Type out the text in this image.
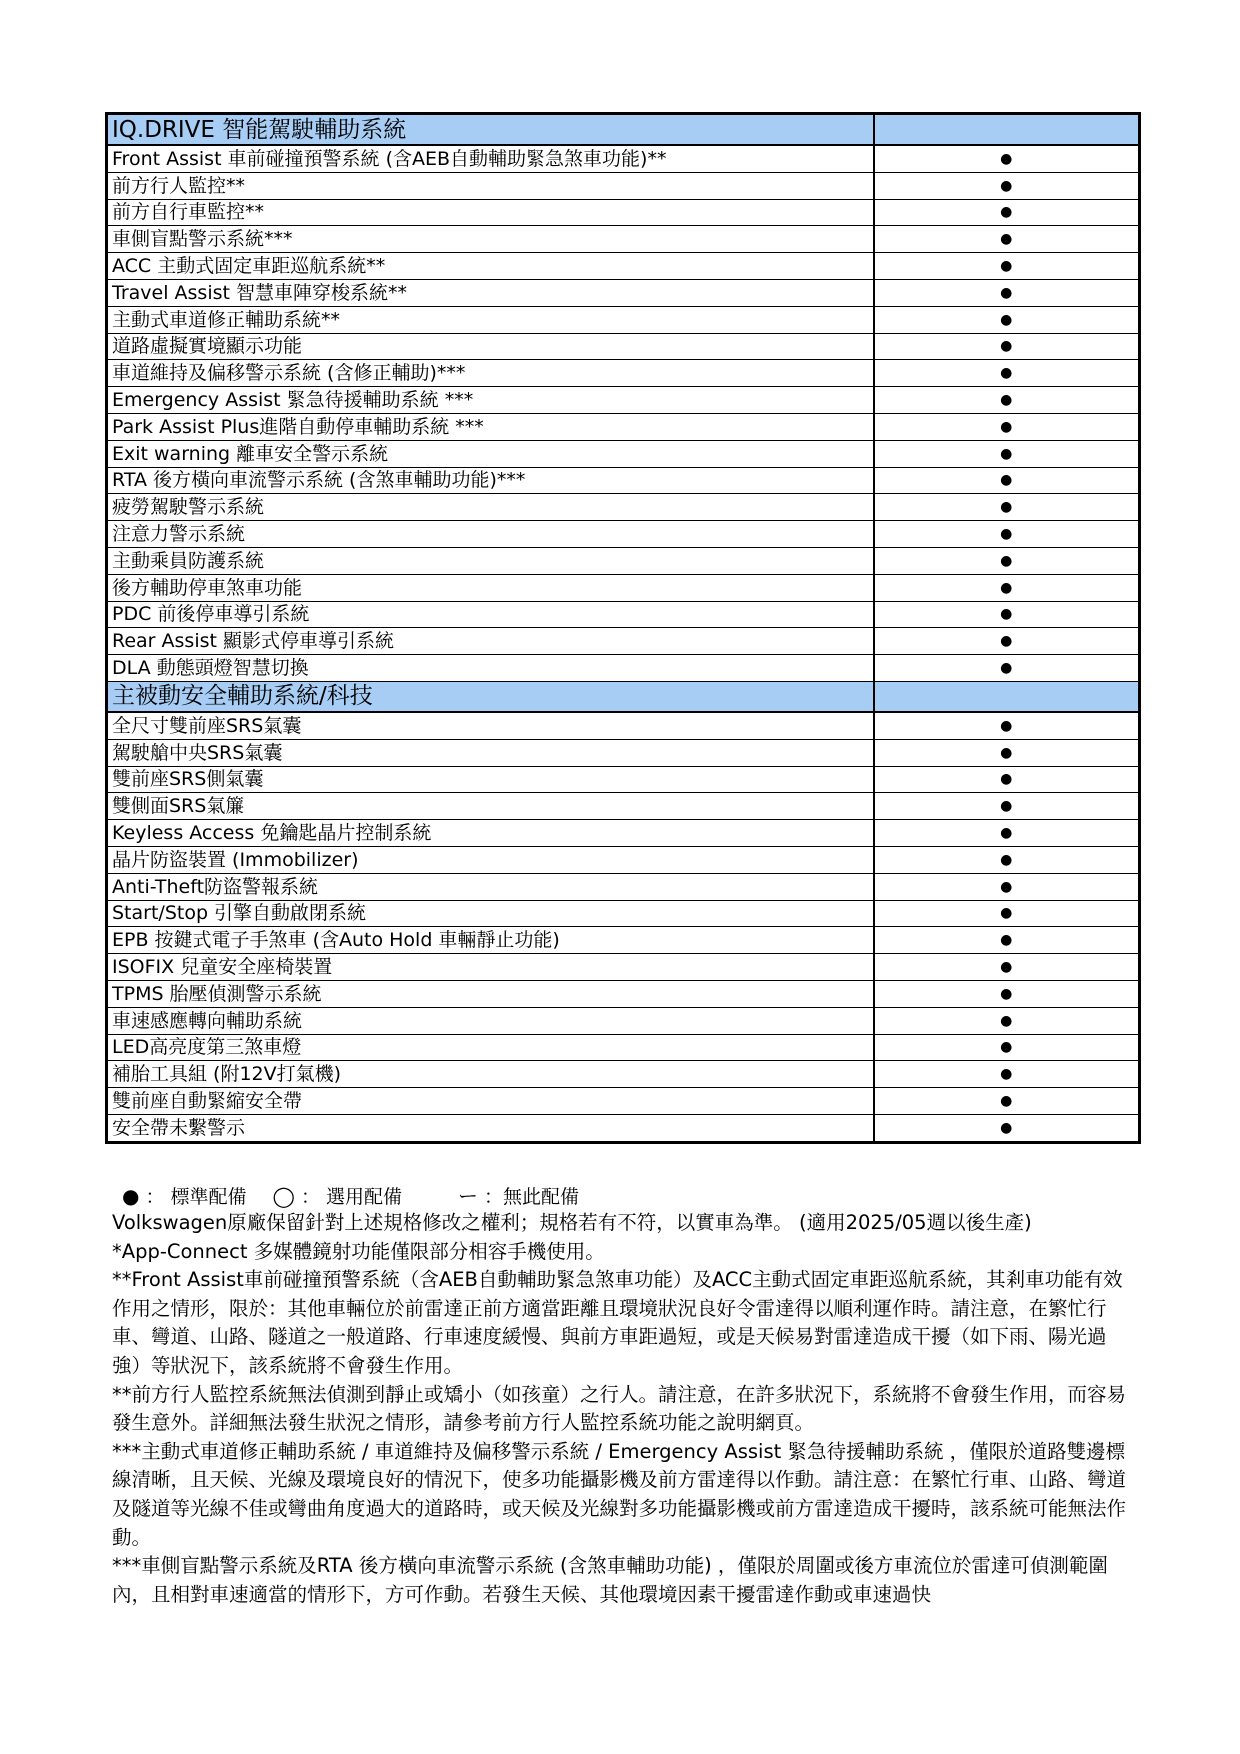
IQ.DRIVE 智能駕駛輔助系統	
Front Assist 車前碰撞預警系統 (含AEB自動輔助緊急煞車功能)**	●
前方行人監控**	●
前方自行車監控**	●
車側盲點警示系統***	●
ACC 主動式固定車距巡航系統**	●
Travel Assist 智慧車陣穿梭系統**	●
主動式車道修正輔助系統**	●
道路虛擬實境顯示功能	●
車道維持及偏移警示系統 (含修正輔助)***	●
Emergency Assist 緊急待援輔助系統 ***	●
Park Assist Plus進階自動停車輔助系統 ***	●
Exit warning 離車安全警示系統	●
RTA 後方橫向車流警示系統 (含煞車輔助功能)***	●
疲勞駕駛警示系統	●
注意力警示系統	●
主動乘員防護系統	●
後方輔助停車煞車功能	●
PDC 前後停車導引系統	●
Rear Assist 顯影式停車導引系統	●
DLA 動態頭燈智慧切換	●
主被動安全輔助系統/科技	
全尺寸雙前座SRS氣囊	●
駕駛艙中央SRS氣囊	●
雙前座SRS側氣囊	●
雙側面SRS氣簾	●
Keyless Access 免鑰匙晶片控制系統	●
晶片防盜裝置 (Immobilizer)	●
Anti-Theft防盜警報系統	●
Start/Stop 引擎自動啟閉系統	●
EPB 按鍵式電子手煞車 (含Auto Hold 車輛靜止功能)	●
ISOFIX 兒童安全座椅裝置	●
TPMS 胎壓偵測警示系統	●
車速感應轉向輔助系統	●
LED高亮度第三煞車燈	●
補胎工具組 (附12V打氣機)	●
雙前座自動緊縮安全帶	●
安全帶未繫警示	●
● ： 標準配備 ◯ ： 選用配備	ー ：無此配備

Volkswagen原廠保留針對上述規格修改之權利；規格若有不符，以實車為準。 (適用2025/05週以後生產)

*App-Connect 多媒體鏡射功能僅限部分相容手機使用。

**Front Assist車前碰撞預警系統（含AEB自動輔助緊急煞車功能）及ACC主動式固定車距巡航系統，其剎車功能有效作用之情形，限於：其他車輛位於前雷達正前方適當距離且環境狀況良好令雷達得以順利運作時。請注意，在繁忙行車、彎道、山路、隧道之一般道路、行車速度緩慢、與前方車距過短，或是天候易對雷達造成干擾（如下雨、陽光過強）等狀況下，該系統將不會發生作用。

**前方行人監控系統無法偵測到靜止或矯小（如孩童）之行人。請注意，在許多狀況下，系統將不會發生作用，而容易發生意外。詳細無法發生狀況之情形，請參考前方行人監控系統功能之說明網頁。

***主動式車道修正輔助系統 / 車道維持及偏移警示系統 / Emergency Assist 緊急待援輔助系統 ，僅限於道路雙邊標線清晰，且天候、光線及環境良好的情況下，使多功能攝影機及前方雷達得以作動。請注意：在繁忙行車、山路、彎道及隧道等光線不佳或彎曲角度過大的道路時，或天候及光線對多功能攝影機或前方雷達造成干擾時，該系統可能無法作動。

***車側盲點警示系統及RTA 後方橫向車流警示系統 (含煞車輔助功能) ，僅限於周圍或後方車流位於雷達可偵測範圍內，且相對車速適當的情形下，方可作動。若發生天候、其他環境因素干擾雷達作動或車速過快
